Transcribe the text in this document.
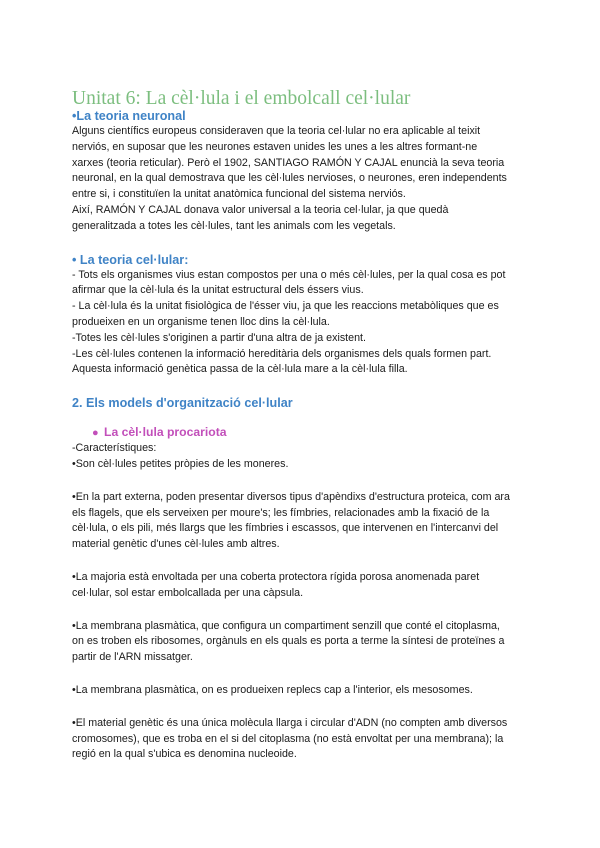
Unitat 6: La cèl·lula i el embolcall cel·lular

•La teoria neuronal

Alguns científics europeus consideraven que la teoria cel·lular no era aplicable al teixit
nerviós, en suposar que les neurones estaven unides les unes a les altres formant-ne
xarxes (teoria reticular). Però el 1902, SANTIAGO RAMÓN Y CAJAL enuncià la seva teoria
neuronal, en la qual demostrava que les cèl·lules nervioses, o neurones, eren independents
entre si, i constituïen la unitat anatòmica funcional del sistema nerviós.
Així, RAMÓN Y CAJAL donava valor universal a la teoria cel·lular, ja que quedà
generalitzada a totes les cèl·lules, tant les animals com les vegetals.

• La teoria cel·lular:

- Tots els organismes vius estan compostos per una o més cèl·lules, per la qual cosa es pot
afirmar que la cèl·lula és la unitat estructural dels éssers vius.
- La cèl·lula és la unitat fisiològica de l'ésser viu, ja que les reaccions metabòliques que es
produeixen en un organisme tenen lloc dins la cèl·lula.
-Totes les cèl·lules s'originen a partir d'una altra de ja existent.
-Les cèl·lules contenen la informació hereditària dels organismes dels quals formen part.
Aquesta informació genètica passa de la cèl·lula mare a la cèl·lula filla.

2. Els models d'organització cel·lular

● La cèl·lula procariota

-Característiques:
•Son cèl·lules petites pròpies de les moneres.

•En la part externa, poden presentar diversos tipus d'apèndixs d'estructura proteica, com ara
els flagels, que els serveixen per moure's; les fímbries, relacionades amb la fixació de la
cèl·lula, o els pili, més llargs que les fímbries i escassos, que intervenen en l'intercanvi del
material genètic d'unes cèl·lules amb altres.

•La majoria està envoltada per una coberta protectora rígida porosa anomenada paret
cel·lular, sol estar embolcallada per una càpsula.

•La membrana plasmàtica, que configura un compartiment senzill que conté el citoplasma,
on es troben els ribosomes, orgànuls en els quals es porta a terme la síntesi de proteïnes a
partir de l'ARN missatger.

•La membrana plasmàtica, on es produeixen replecs cap a l'interior, els mesosomes.

•El material genètic és una única molècula llarga i circular d'ADN (no compten amb diversos
cromosomes), que es troba en el si del citoplasma (no està envoltat per una membrana); la
regió en la qual s'ubica es denomina nucleoide.
